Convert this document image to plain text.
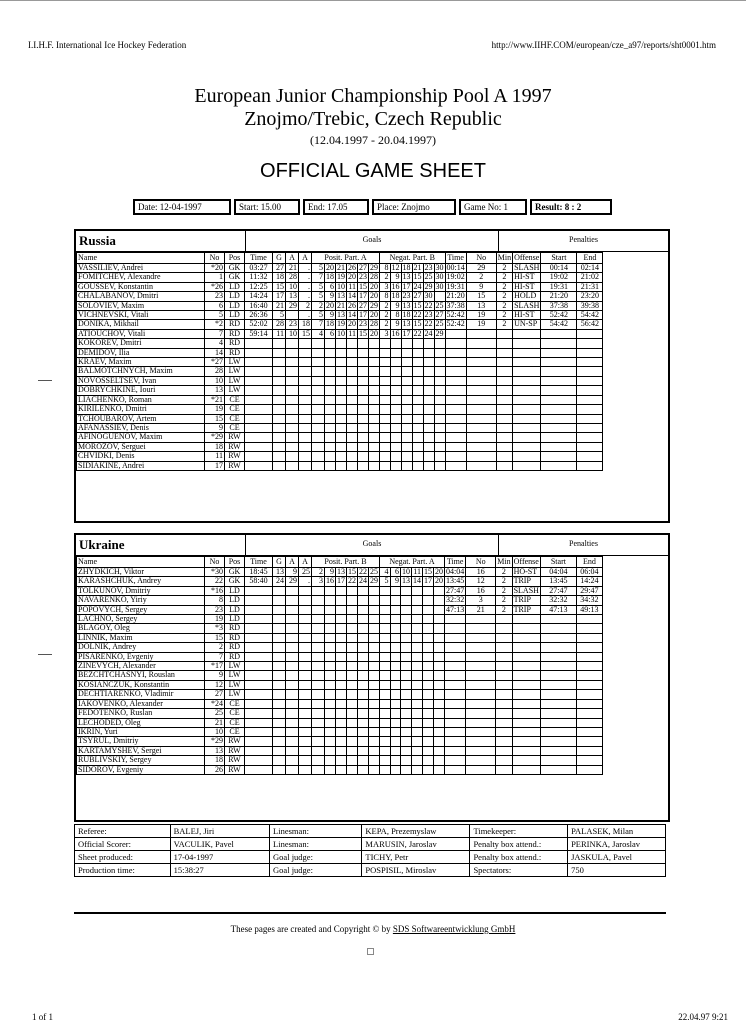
I.I.H.F. International Ice Hockey Federation	http://www.IIHF.COM/european/cze_a97/reports/sht0001.htm
European Junior Championship Pool A 1997
Znojmo/Trebic, Czech Republic
(12.04.1997 - 20.04.1997)
OFFICIAL GAME SHEET
Date: 12-04-1997	Start: 15.00	End: 17.05	Place: Znojmo	Game No: 1	Result: 8 : 2
Russia	Goals	Penalties
Name	No	Pos	Time	G	A	A	Posit. Part. A						Negat. Part. B						Time	No	Min	Offense	Start	End
VASSILIEV, Andrei	*20	GK	03:27	27	21	.	5	20	21	26	27	29	8	12	18	21	23	30	00:14	29	2	SLASH	00:14	02:14
FOMITCHEV, Alexandre	1	GK	11:32	18	28	.	7	18	19	20	23	28	2	9	13	15	25	30	19:02	2	2	HI-ST	19:02	21:02
GOUSSEV, Konstantin	*26	LD	12:25	15	10	.	5	6	10	11	15	20	3	16	17	24	29	30	19:31	9	2	HI-ST	19:31	21:31
CHALABANOV, Dmitri	23	LD	14:24	17	13	.	5	9	13	14	17	20	8	18	23	27	30		21:20	15	2	HOLD	21:20	23:20
SOLOVIEV, Maxim	6	LD	16:40	21	29	2	2	20	21	26	27	29	2	9	13	15	22	25	37:38	13	2	SLASH	37:38	39:38
VICHNEVSKI, Vitali	5	LD	26:36	5		.	5	9	13	14	17	20	2	8	18	22	23	27	52:42	19	2	HI-ST	52:42	54:42
DONIKA, Mikhail	*2	RD	52:02	28	23	18	7	18	19	20	23	28	2	9	13	15	22	25	52:42	19	2	UN-SP	54:42	56:42
ATIOUCHOV, Vitali	7	RD	59:14	11	10	15	4	6	10	11	15	20	3	16	17	22	24	29						
KOKOREV, Dmitri	4	RD																						
DEMIDOV, Ilia	14	RD																						
KRAEV, Maxim	*27	LW																						
BALMOTCHNYCH, Maxim	28	LW																						
NOVOSSELTSEV, Ivan	10	LW																						
DOBRYCHKINE, Iouri	13	LW																						
LIACHENKO, Roman	*21	CE																						
KIRILENKO, Dmitri	19	CE																						
TCHOUBAROV, Artem	15	CE																						
AFANASSIEV, Denis	9	CE																						
AFINOGUENOV, Maxim	*29	RW																						
MOROZOV, Serguei	18	RW																						
CHVIDKI, Denis	11	RW																						
SIDIAKINE, Andrei	17	RW																						
Ukraine	Goals	Penalties
Name	No	Pos	Time	G	A	A	Posit. Part. B						Negat. Part. A						Time	No	Min	Offense	Start	End
ZHYDKICH, Viktor	*30	GK	18:45	13	9	25	2	9	13	15	22	25	4	6	10	11	15	20	04:04	16	2	HO-ST	04:04	06:04
KARASHCHUK, Andrey	22	GK	58:40	24	29	.	3	16	17	22	24	29	5	9	13	14	17	20	13:45	12	2	TRIP	13:45	14:24
TOLKUNOV, Dmitriy	*16	LD																	27:47	16	2	SLASH	27:47	29:47
NAVARENKO, Yiriy	8	LD																	32:32	3	2	TRIP	32:32	34:32
POPOVYCH, Sergey	23	LD																	47:13	21	2	TRIP	47:13	49:13
LACHNO, Sergey	19	LD																						
BLAGOY, Oleg	*3	RD																						
LINNIK, Maxim	15	RD																						
DOLNIK, Andrey	2	RD																						
PISARENKO, Evgeniy	7	RD																						
ZINEVYCH, Alexander	*17	LW																						
BEZCHTCHASNYI, Rouslan	9	LW																						
KOSIANCZUK, Konstantin	12	LW																						
DECHTIARENKO, Vladimir	27	LW																						
IAKOVENKO, Alexander	*24	CE																						
FEDOTENKO, Ruslan	25	CE																						
LECHODED, Oleg	21	CE																						
IKRIN, Yuri	10	CE																						
TSYRUL, Dmitriy	*29	RW																						
KARTAMYSHEV, Sergei	13	RW																						
RUBLIVSKIY, Sergey	18	RW																						
SIDOROV, Evgeniy	26	RW																						
Referee:	BALEJ, Jiri	Linesman:	KEPA, Prezemyslaw	Timekeeper:	PALASEK, Milan
Official Scorer:	VACULIK, Pavel	Linesman:	MARUSIN, Jaroslav	Penalty box attend.:	PERINKA, Jaroslav
Sheet produced:	17-04-1997	Goal judge:	TICHY, Petr	Penalty box attend.:	JASKULA, Pavel
Production time:	15:38:27	Goal judge:	POSPISIL, Miroslav	Spectators:	750
These pages are created and Copyright © by SDS Softwareentwicklung GmbH
1 of 1	22.04.97 9:21
